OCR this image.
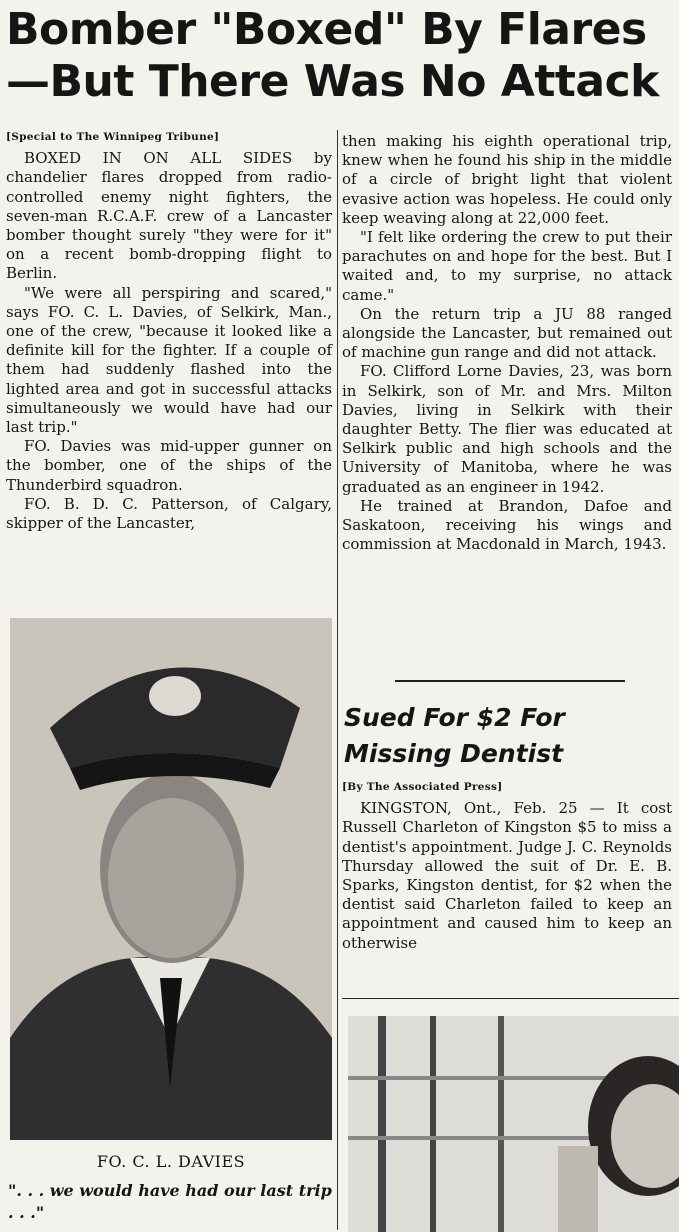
Bomber "Boxed" By Flares
—But There Was No Attack

[Special to The Winnipeg Tribune]

BOXED IN ON ALL SIDES by chandelier flares dropped from radio-controlled enemy night fighters, the seven-man R.C.A.F. crew of a Lancaster bomber thought surely "they were for it" on a recent bomb-dropping flight to Berlin.

"We were all perspiring and scared," says FO. C. L. Davies, of Selkirk, Man., one of the crew, "because it looked like a definite kill for the fighter. If a couple of them had suddenly flashed into the lighted area and got in successful attacks simultaneously we would have had our last trip."

FO. Davies was mid-upper gunner on the bomber, one of the ships of the Thunderbird squadron.

FO. B. D. C. Patterson, of Calgary, skipper of the Lancaster,

FO. C. L. DAVIES
". . . we would have had our last trip . . ."

then making his eighth operational trip, knew when he found his ship in the middle of a circle of bright light that violent evasive action was hopeless. He could only keep weaving along at 22,000 feet.

"I felt like ordering the crew to put their parachutes on and hope for the best. But I waited and, to my surprise, no attack came."

On the return trip a JU 88 ranged alongside the Lancaster, but remained out of machine gun range and did not attack.

FO. Clifford Lorne Davies, 23, was born in Selkirk, son of Mr. and Mrs. Milton Davies, living in Selkirk with their daughter Betty. The flier was educated at Selkirk public and high schools and the University of Manitoba, where he was graduated as an engineer in 1942.

He trained at Brandon, Dafoe and Saskatoon, receiving his wings and commission at Macdonald in March, 1943.

Sued For $2 For
Missing Dentist

[By The Associated Press]

KINGSTON, Ont., Feb. 25 — It cost Russell Charleton of Kingston $5 to miss a dentist's appointment. Judge J. C. Reynolds Thursday allowed the suit of Dr. E. B. Sparks, Kingston dentist, for $2 when the dentist said Charleton failed to keep an appointment and caused him to keep an otherwise
